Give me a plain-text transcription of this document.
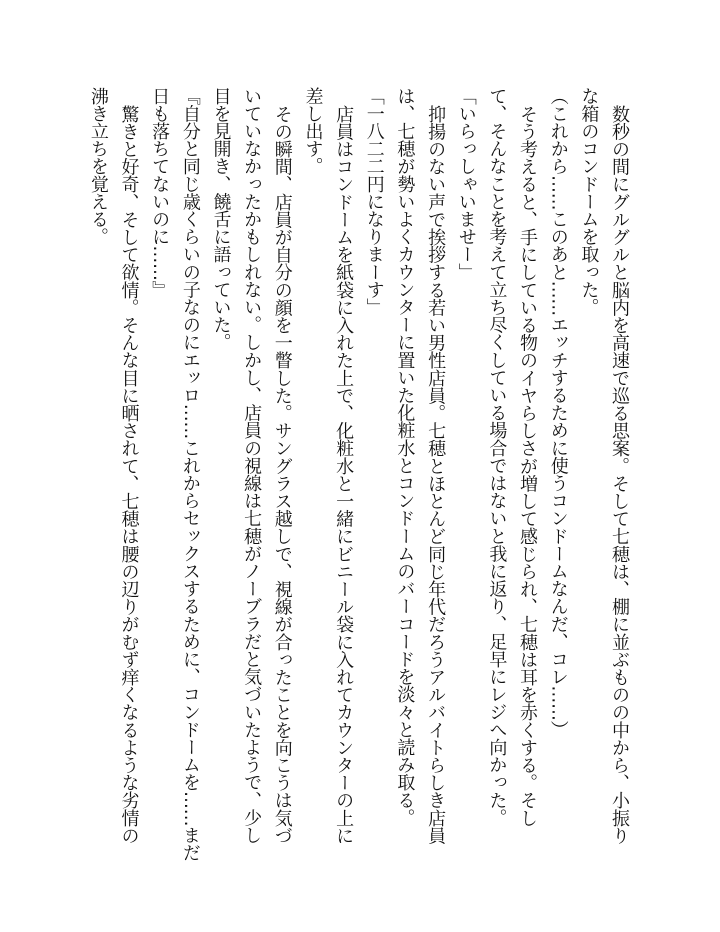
数秒の間にグルグルと脳内を高速で巡る思案。そして七穂は、棚に並ぶものの中から、小振り
な箱のコンドームを取った。
（これから……このあと……エッチするために使うコンドームなんだ、コレ……）
そう考えると、手にしている物のイヤらしさが増して感じられ、七穂は耳を赤くする。そし
て、そんなことを考えて立ち尽くしている場合ではないと我に返り、足早にレジへ向かった。
「いらっしゃいませー」
抑揚のない声で挨拶する若い男性店員。七穂とほとんど同じ年代だろうアルバイトらしき店員
は、七穂が勢いよくカウンターに置いた化粧水とコンドームのバーコードを淡々と読み取る。
「一八二二円になりまーす」
店員はコンドームを紙袋に入れた上で、化粧水と一緒にビニール袋に入れてカウンターの上に
差し出す。
その瞬間、店員が自分の顔を一瞥した。サングラス越しで、視線が合ったことを向こうは気づ
いていなかったかもしれない。しかし、店員の視線は七穂がノーブラだと気づいたようで、少し
目を見開き、饒舌に語っていた。
『自分と同じ歳くらいの子なのにエッロ……これからセックスするために、コンドームを……まだ
日も落ちてないのに……』
驚きと好奇、そして欲情。そんな目に晒されて、七穂は腰の辺りがむず痒くなるような劣情の
沸き立ちを覚える。
